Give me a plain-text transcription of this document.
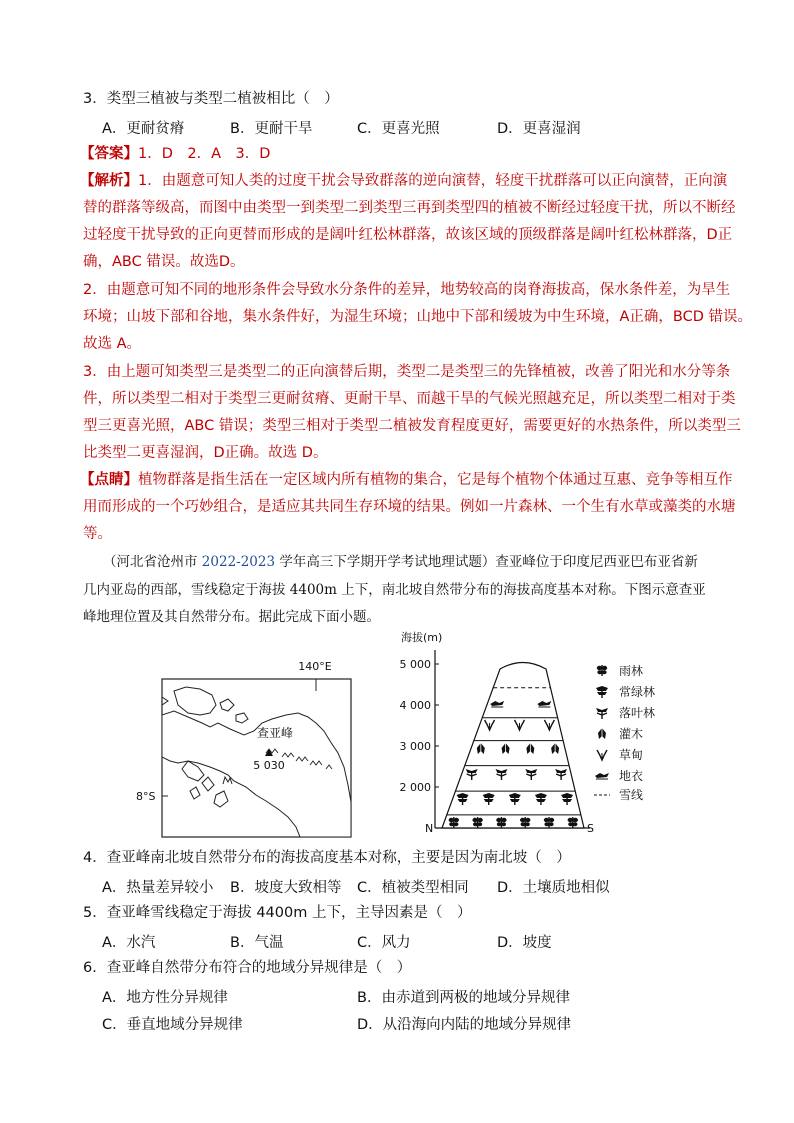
3．类型三植被与类型二植被相比（　）
A．更耐贫瘠	B．更耐干旱	C．更喜光照	D．更喜湿润
【答案】1．D　2．A　3．D
【解析】1．由题意可知人类的过度干扰会导致群落的逆向演替，轻度干扰群落可以正向演替，正向演
替的群落等级高，而图中由类型一到类型二到类型三再到类型四的植被不断经过轻度干扰，所以不断经
过轻度干扰导致的正向更替而形成的是阔叶红松林群落，故该区域的顶级群落是阔叶红松林群落，D正
确，ABC 错误。故选D。
2．由题意可知不同的地形条件会导致水分条件的差异，地势较高的岗脊海拔高，保水条件差，为旱生
环境；山坡下部和谷地，集水条件好，为湿生环境；山地中下部和缓坡为中生环境，A正确，BCD 错误。
故选 A。
3．由上题可知类型三是类型二的正向演替后期，类型二是类型三的先锋植被，改善了阳光和水分等条
件，所以类型二相对于类型三更耐贫瘠、更耐干旱、而越干旱的气候光照越充足，所以类型二相对于类
型三更喜光照，ABC 错误；类型三相对于类型二植被发育程度更好，需要更好的水热条件，所以类型三
比类型二更喜湿润，D正确。故选 D。
【点睛】植物群落是指生活在一定区域内所有植物的集合，它是每个植物个体通过互惠、竞争等相互作
用而形成的一个巧妙组合，是适应其共同生存环境的结果。例如一片森林、一个生有水草或藻类的水塘
等。
（河北省沧州市 2022-2023 学年高三下学期开学考试地理试题）查亚峰位于印度尼西亚巴布亚省新
几内亚岛的西部，雪线稳定于海拔 4400m 上下，南北坡自然带分布的海拔高度基本对称。下图示意查亚
峰地理位置及其自然带分布。据此完成下面小题。
140°E
8°S
查亚峰
5 030
海拔(m)
5 000
4 000
3 000
2 000
N	S
雨林
常绿林
落叶林
灌木
草甸
地衣
雪线
4．查亚峰南北坡自然带分布的海拔高度基本对称，主要是因为南北坡（　）
A．热量差异较小 B．坡度大致相等 C．植被类型相同 D．土壤质地相似
5．查亚峰雪线稳定于海拔 4400m 上下，主导因素是（　）
A．水汽	B．气温	C．风力	D．坡度
6．查亚峰自然带分布符合的地域分异规律是（　）
A．地方性分异规律	B．由赤道到两极的地域分异规律
C．垂直地域分异规律	D．从沿海向内陆的地域分异规律
